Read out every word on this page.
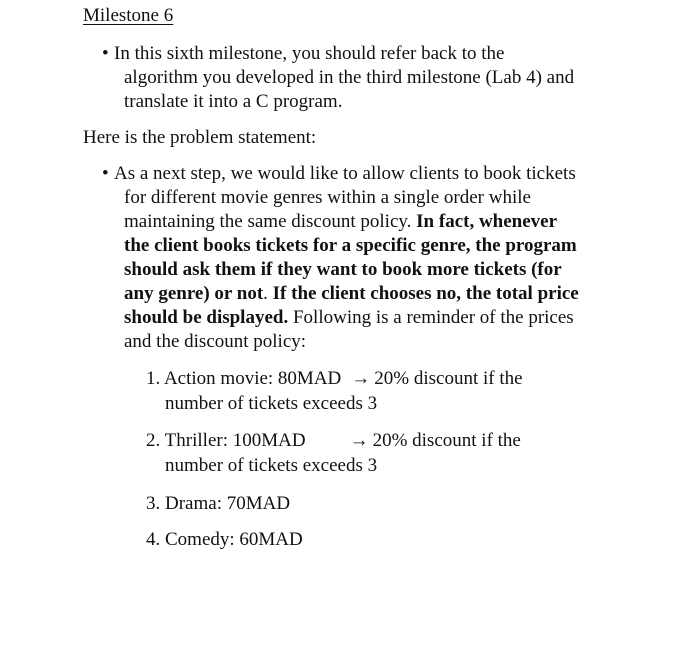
Milestone 6
• In this sixth milestone, you should refer back to the
algorithm you developed in the third milestone (Lab 4) and
translate it into a C program.
Here is the problem statement:
• As a next step, we would like to allow clients to book tickets
for different movie genres within a single order while
maintaining the same discount policy. In fact, whenever
the client books tickets for a specific genre, the program
should ask them if they want to book more tickets (for
any genre) or not. If the client chooses no, the total price
should be displayed. Following is a reminder of the prices
and the discount policy:
1. Action movie: 80MAD → 20% discount if the
number of tickets exceeds 3
2. Thriller: 100MAD → 20% discount if the
number of tickets exceeds 3
3. Drama: 70MAD
4. Comedy: 60MAD
